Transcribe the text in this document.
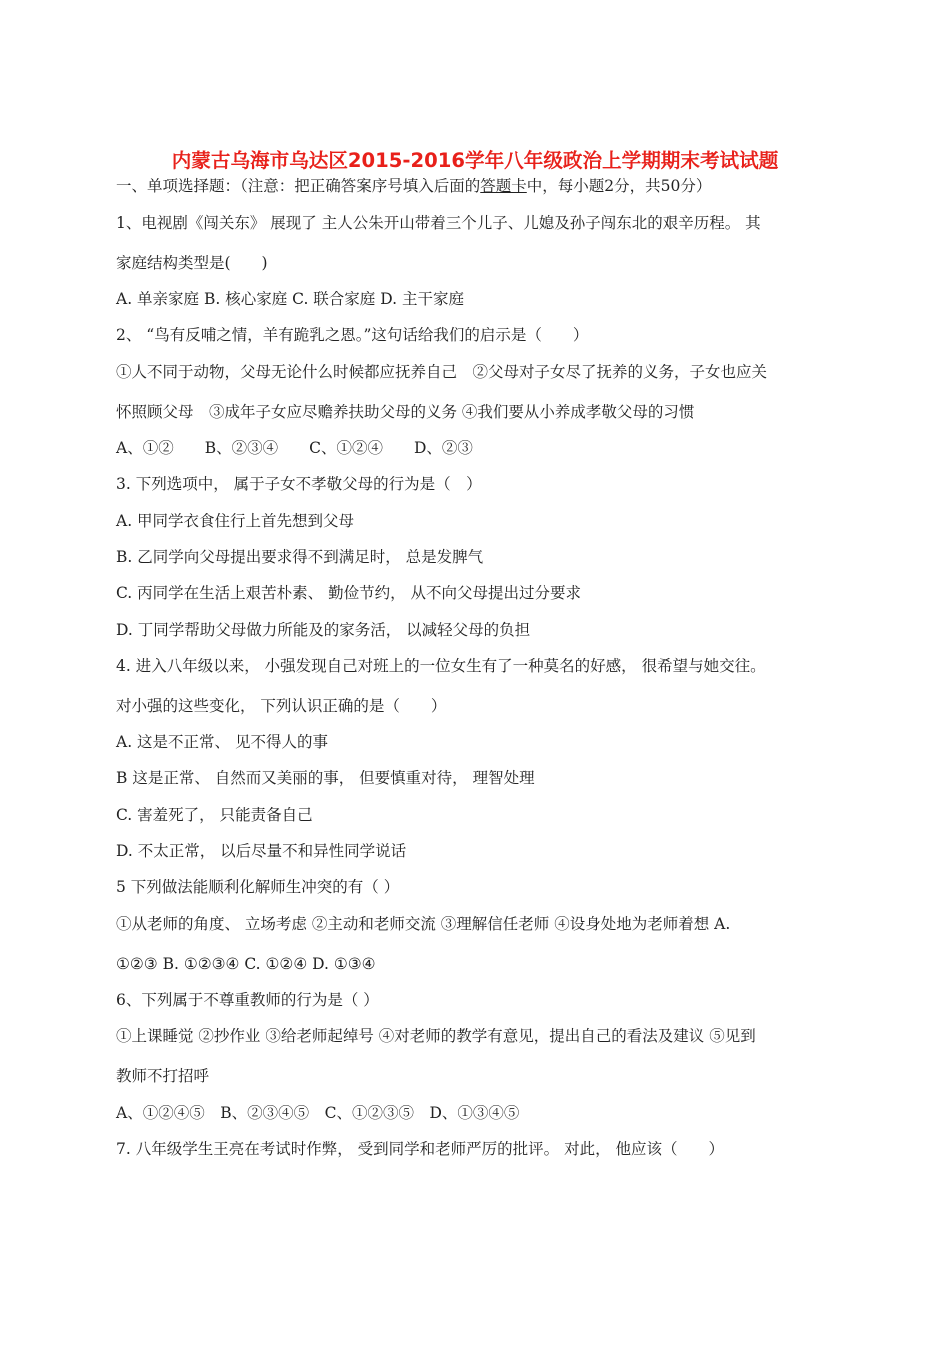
内蒙古乌海市乌达区2015-2016学年八年级政治上学期期末考试试题
一、单项选择题：（注意：把正确答案序号填入后面的答题卡中，每小题2分，共50分）
1、电视剧《闯关东》 展现了 主人公朱开山带着三个儿子、儿媳及孙子闯东北的艰辛历程。 其
家庭结构类型是(　　)
A. 单亲家庭 B. 核心家庭 C. 联合家庭 D. 主干家庭
2、 “鸟有反哺之情，羊有跪乳之恩。”这句话给我们的启示是（　　）
①人不同于动物，父母无论什么时候都应抚养自己　②父母对子女尽了抚养的义务，子女也应关
怀照顾父母　③成年子女应尽赡养扶助父母的义务 ④我们要从小养成孝敬父母的习惯
A、①②　　B、②③④　　C、①②④　　D、②③
3. 下列选项中， 属于子女不孝敬父母的行为是（　）
A. 甲同学衣食住行上首先想到父母
B. 乙同学向父母提出要求得不到满足时， 总是发脾气
C. 丙同学在生活上艰苦朴素、 勤俭节约， 从不向父母提出过分要求
D. 丁同学帮助父母做力所能及的家务活， 以减轻父母的负担
4. 进入八年级以来， 小强发现自己对班上的一位女生有了一种莫名的好感， 很希望与她交往。
对小强的这些变化， 下列认识正确的是（　　）
A. 这是不正常、 见不得人的事
B 这是正常、 自然而又美丽的事， 但要慎重对待， 理智处理
C. 害羞死了， 只能责备自己
D. 不太正常， 以后尽量不和异性同学说话
5 下列做法能顺利化解师生冲突的有（ ）
①从老师的角度、 立场考虑 ②主动和老师交流 ③理解信任老师 ④设身处地为老师着想 A.
①②③ B. ①②③④ C. ①②④ D. ①③④
6、下列属于不尊重教师的行为是（ ）
①上课睡觉 ②抄作业 ③给老师起绰号 ④对老师的教学有意见，提出自己的看法及建议 ⑤见到
教师不打招呼
A、①②④⑤　B、②③④⑤　C、①②③⑤　D、①③④⑤
7. 八年级学生王亮在考试时作弊， 受到同学和老师严厉的批评。 对此， 他应该（　　）
